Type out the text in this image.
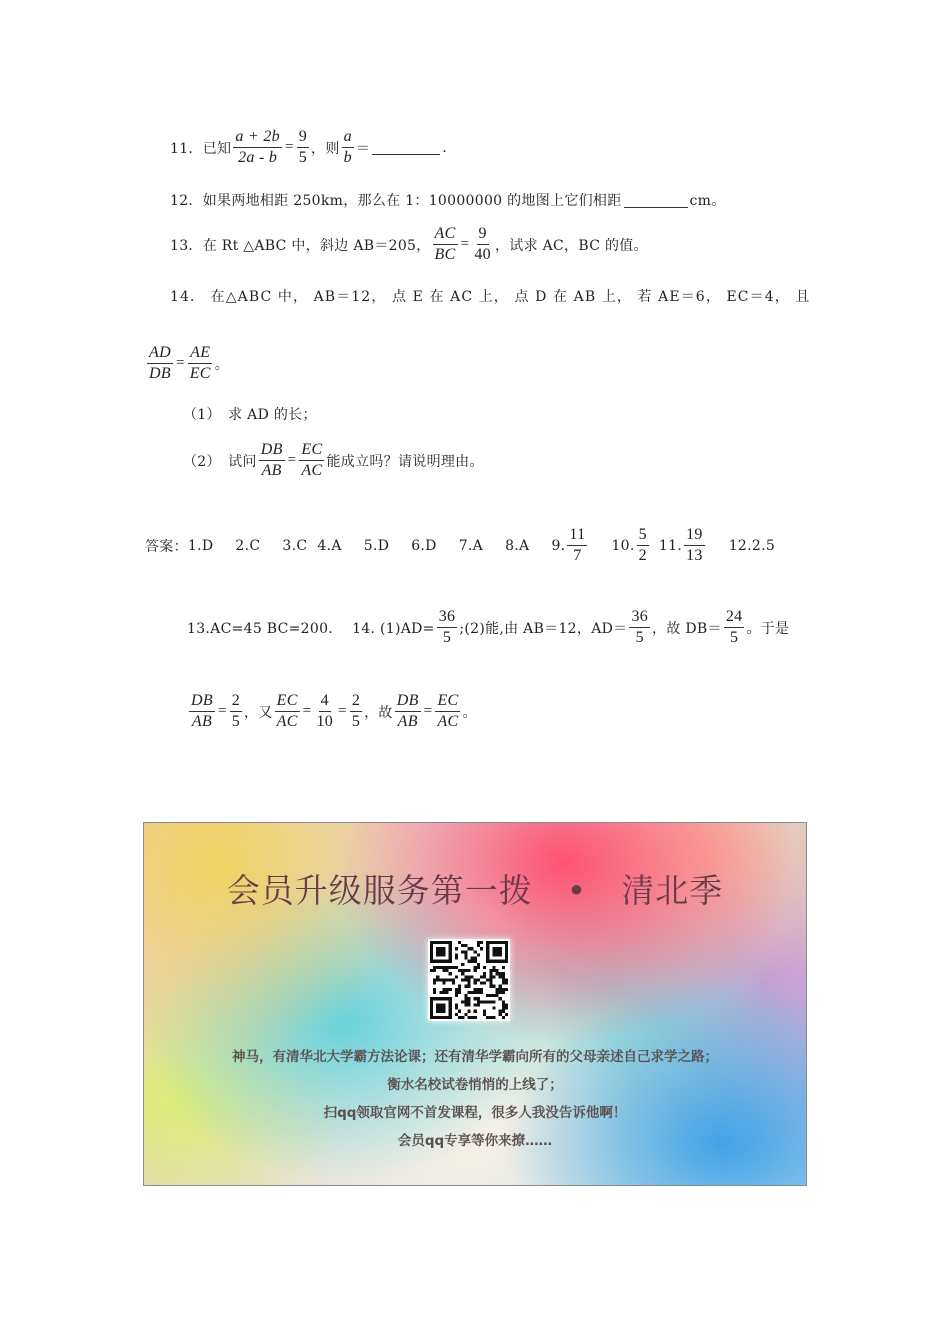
11．已知 $\frac{a + 2b}{2a - b} = \frac{9}{5}$ ，则 $\frac{a}{b}$ ＝	.
12．如果两地相距 250km，那么在 1：10000000 的地图上它们相距	cm。
13．在 Rt △ABC 中，斜边 AB＝205， $\frac{AC}{BC} = \frac{9}{40}$ ，试求 AC，BC 的值。
14． 在△ABC 中， AB＝12， 点 E 在 AC 上， 点 D 在 AB 上， 若 AE＝6， EC＝4， 且
$\frac{AD}{DB} = \frac{AE}{EC}$ 。
（1）　求 AD 的长；
（2）　试问 $\frac{DB}{AB} = \frac{EC}{AC}$ 能成立吗？请说明理由。
答案： 1.D 2.C 3.C 4.A 5.D 6.D 7.A 8.A 9. $\frac{11}{7} 10$. $\frac{5}{2} 11$. $\frac{19}{13} 12.2.5$
13.AC=45 BC=200.　 14. $(1)AD= \frac{36}{5}$ ;(2)能,由 AB＝12，$AD= \frac{36}{5}$ ，故 $DB= \frac{24}{5}$ 。于是
$\frac{DB}{AB} = \frac{2}{5}$ ，又 $\frac{EC}{AC} = \frac{4}{10} = \frac{2}{5}$ ，故 $\frac{DB}{AB} = \frac{EC}{AC}$ 。
会员升级服务第一拨　•　清北季
神马，有清华北大学霸方法论课；还有清华学霸向所有的父母亲述自己求学之路；
衡水名校试卷悄悄的上线了；
扫qq领取官网不首发课程，很多人我没告诉他啊！
会员qq专享等你来撩……
